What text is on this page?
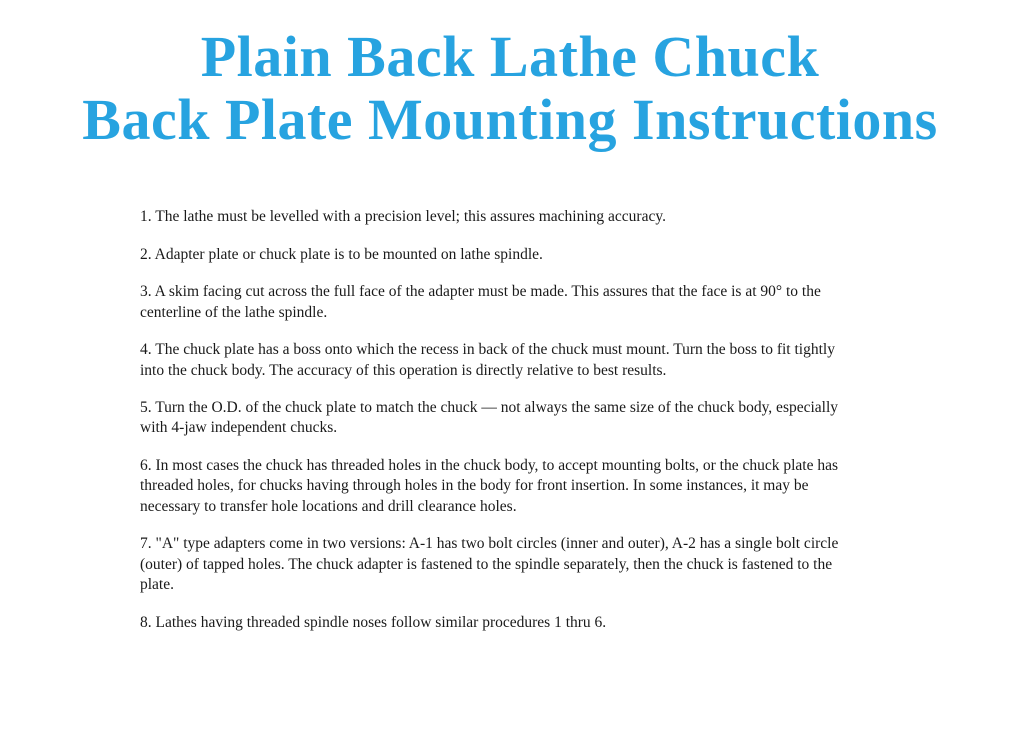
Plain Back Lathe Chuck
Back Plate Mounting Instructions

1. The lathe must be levelled with a precision level; this assures machining accuracy.

2. Adapter plate or chuck plate is to be mounted on lathe spindle.

3. A skim facing cut across the full face of the adapter must be made. This assures that the face is at 90° to the centerline of the lathe spindle.

4. The chuck plate has a boss onto which the recess in back of the chuck must mount. Turn the boss to fit tightly into the chuck body. The accuracy of this operation is directly relative to best results.

5. Turn the O.D. of the chuck plate to match the chuck — not always the same size of the chuck body, especially with 4-jaw independent chucks.

6. In most cases the chuck has threaded holes in the chuck body, to accept mounting bolts, or the chuck plate has threaded holes, for chucks having through holes in the body for front insertion. In some instances, it may be necessary to transfer hole locations and drill clearance holes.

7. "A" type adapters come in two versions: A-1 has two bolt circles (inner and outer), A-2 has a single bolt circle (outer) of tapped holes. The chuck adapter is fastened to the spindle separately, then the chuck is fastened to the plate.

8. Lathes having threaded spindle noses follow similar procedures 1 thru 6.
